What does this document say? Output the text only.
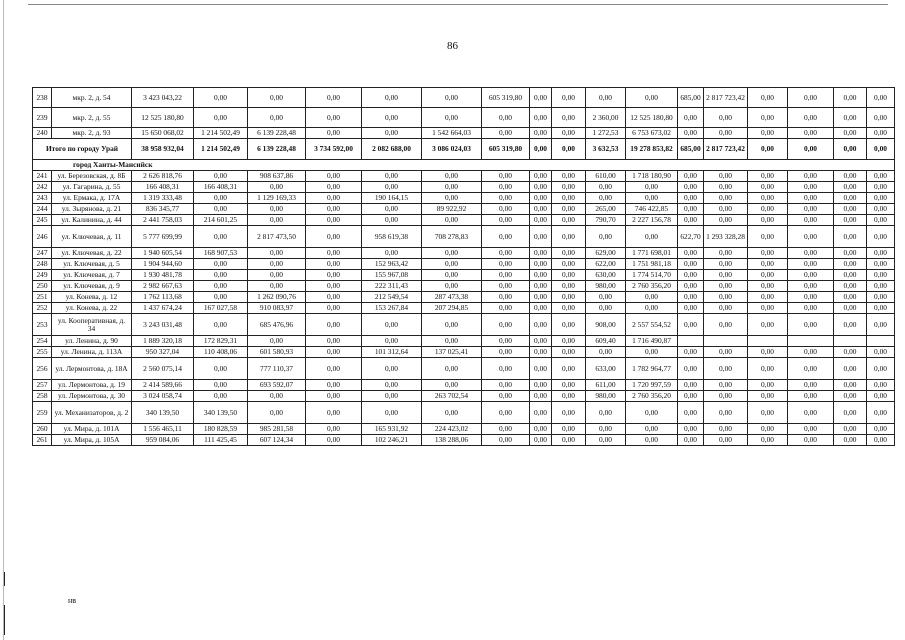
86
238	мкр. 2, д. 54	3 423 043,22	0,00	0,00	0,00	0,00	0,00	605 319,80	0,00	0,00	0,00	0,00	685,00	2 817 723,42	0,00	0,00	0,00	0,00
239	мкр. 2, д. 55	12 525 180,80	0,00	0,00	0,00	0,00	0,00	0,00	0,00	0,00	2 360,00	12 525 180,80	0,00	0,00	0,00	0,00	0,00	0,00
240	мкр. 2, д. 93	15 650 068,02	1 214 502,49	6 139 228,48	0,00	0,00	1 542 664,03	0,00	0,00	0,00	1 272,53	6 753 673,02	0,00	0,00	0,00	0,00	0,00	0,00
Итого по городу Урай		38 958 932,04	1 214 502,49	6 139 228,48	3 734 592,00	2 082 688,00	3 086 024,03	605 319,80	0,00	0,00	3 632,53	19 278 853,82	685,00	2 817 723,42	0,00	0,00	0,00	0,00
город Ханты-Мансийск																		
241	ул. Березовская, д. 8Б	2 626 818,76	0,00	908 637,86	0,00	0,00	0,00	0,00	0,00	0,00	610,00	1 718 180,90	0,00	0,00	0,00	0,00	0,00	0,00
242	ул. Гагарина, д. 55	166 408,31	166 408,31	0,00	0,00	0,00	0,00	0,00	0,00	0,00	0,00	0,00	0,00	0,00	0,00	0,00	0,00	0,00
243	ул. Ермака, д. 17А	1 319 333,48	0,00	1 129 169,33	0,00	190 164,15	0,00	0,00	0,00	0,00	0,00	0,00	0,00	0,00	0,00	0,00	0,00	0,00
244	ул. Зырянова, д. 21	836 345,77	0,00	0,00	0,00	0,00	89 922,92	0,00	0,00	0,00	265,00	746 422,85	0,00	0,00	0,00	0,00	0,00	0,00
245	ул. Калинина, д. 44	2 441 758,03	214 601,25	0,00	0,00	0,00	0,00	0,00	0,00	0,00	790,70	2 227 156,78	0,00	0,00	0,00	0,00	0,00	0,00
246	ул. Ключевая, д. 11	5 777 699,99	0,00	2 817 473,50	0,00	958 619,38	708 278,83	0,00	0,00	0,00	0,00	0,00	622,70	1 293 328,28	0,00	0,00	0,00	0,00
247	ул. Ключевая, д. 22	1 940 605,54	168 907,53	0,00	0,00	0,00	0,00	0,00	0,00	0,00	629,00	1 771 698,01	0,00	0,00	0,00	0,00	0,00	0,00
248	ул. Ключевая, д. 5	1 904 944,60	0,00	0,00	0,00	152 963,42	0,00	0,00	0,00	0,00	622,00	1 751 981,18	0,00	0,00	0,00	0,00	0,00	0,00
249	ул. Ключевая, д. 7	1 930 481,78	0,00	0,00	0,00	155 967,08	0,00	0,00	0,00	0,00	630,00	1 774 514,70	0,00	0,00	0,00	0,00	0,00	0,00
250	ул. Ключевая, д. 9	2 982 667,63	0,00	0,00	0,00	222 311,43	0,00	0,00	0,00	0,00	980,00	2 760 356,20	0,00	0,00	0,00	0,00	0,00	0,00
251	ул. Конева, д. 12	1 762 113,68	0,00	1 262 090,76	0,00	212 549,54	287 473,38	0,00	0,00	0,00	0,00	0,00	0,00	0,00	0,00	0,00	0,00	0,00
252	ул. Конева, д. 22	1 437 674,24	167 027,58	910 083,97	0,00	153 267,84	207 294,85	0,00	0,00	0,00	0,00	0,00	0,00	0,00	0,00	0,00	0,00	0,00
253	ул. Кооперативная, д. 34	3 243 031,48	0,00	685 476,96	0,00	0,00	0,00	0,00	0,00	0,00	908,00	2 557 554,52	0,00	0,00	0,00	0,00	0,00	0,00
254	ул. Ленина, д. 90	1 889 320,18	172 829,31	0,00	0,00	0,00	0,00	0,00	0,00	0,00	609,40	1 716 490,87						
255	ул. Ленина, д. 113А	950 327,04	110 408,06	601 580,93	0,00	101 312,64	137 025,41	0,00	0,00	0,00	0,00	0,00	0,00	0,00	0,00	0,00	0,00	0,00
256	ул. Лермонтова, д. 18А	2 560 075,14	0,00	777 110,37	0,00	0,00	0,00	0,00	0,00	0,00	633,00	1 782 964,77	0,00	0,00	0,00	0,00	0,00	0,00
257	ул. Лермонтова, д. 19	2 414 589,66	0,00	693 592,07	0,00	0,00	0,00	0,00	0,00	0,00	611,00	1 720 997,59	0,00	0,00	0,00	0,00	0,00	0,00
258	ул. Лермонтова, д. 30	3 024 058,74	0,00	0,00	0,00	0,00	263 702,54	0,00	0,00	0,00	980,00	2 760 356,20	0,00	0,00	0,00	0,00	0,00	0,00
259	ул. Механизаторов, д. 2	340 139,50	340 139,50	0,00	0,00	0,00	0,00	0,00	0,00	0,00	0,00	0,00	0,00	0,00	0,00	0,00	0,00	0,00
260	ул. Мира, д. 101А	1 556 465,11	180 828,59	985 281,58	0,00	165 931,92	224 423,02	0,00	0,00	0,00	0,00	0,00	0,00	0,00	0,00	0,00	0,00	0,00
261	ул. Мира, д. 105А	959 084,06	111 425,45	607 124,34	0,00	102 246,21	138 288,06	0,00	0,00	0,00	0,00	0,00	0,00	0,00	0,00	0,00	0,00	0,00
нв
